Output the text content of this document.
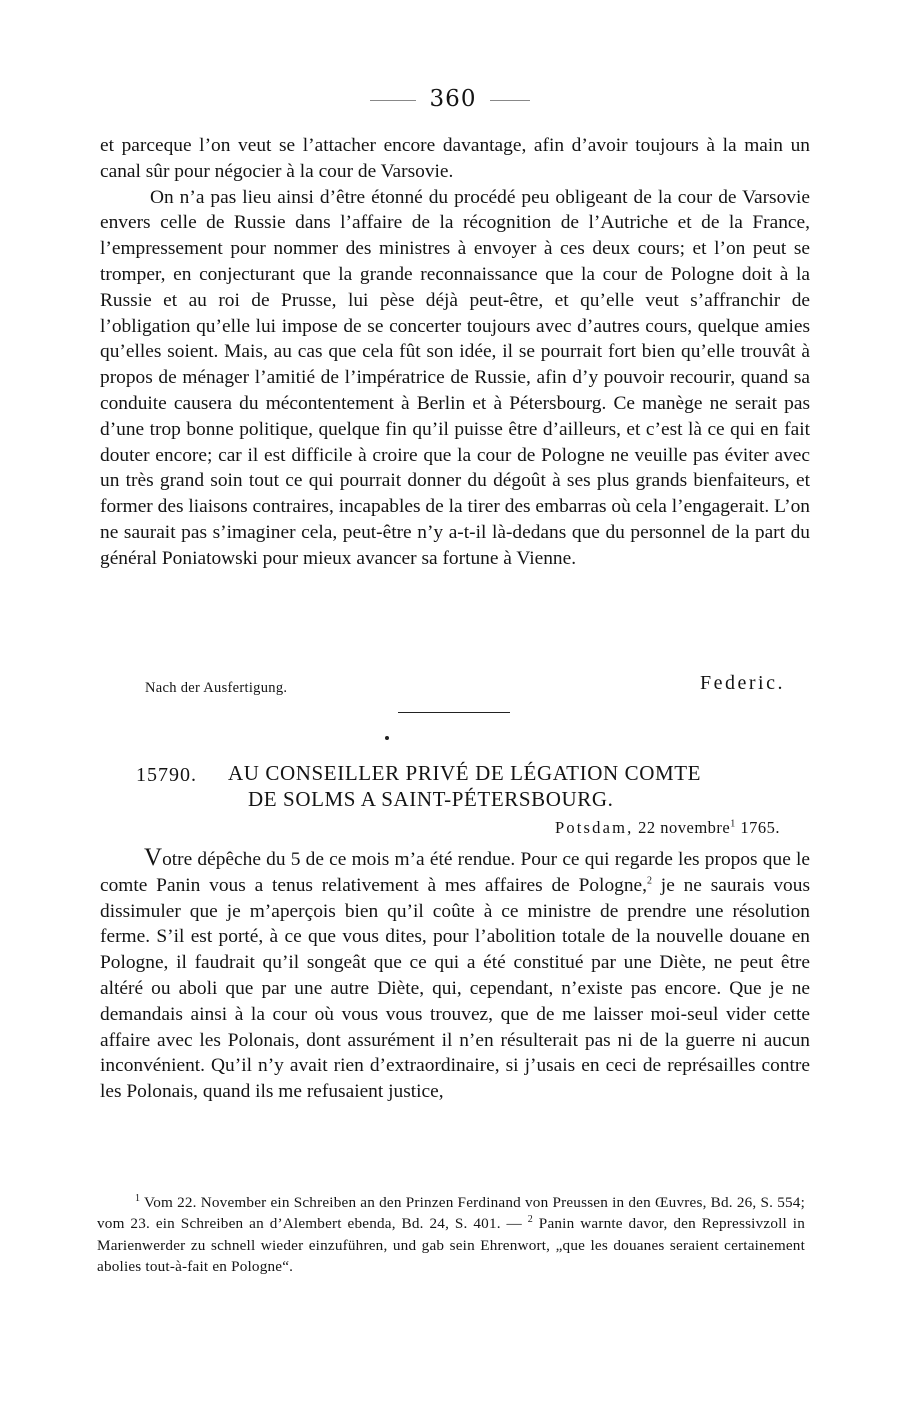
360

et parceque l’on veut se l’attacher encore davantage, afin d’avoir toujours à la main un canal sûr pour négocier à la cour de Varsovie.

On n’a pas lieu ainsi d’être étonné du procédé peu obligeant de la cour de Varsovie envers celle de Russie dans l’affaire de la récognition de l’Autriche et de la France, l’empressement pour nommer des ministres à envoyer à ces deux cours; et l’on peut se tromper, en conjecturant que la grande reconnaissance que la cour de Pologne doit à la Russie et au roi de Prusse, lui pèse déjà peut-être, et qu’elle veut s’affranchir de l’obligation qu’elle lui impose de se concerter toujours avec d’autres cours, quelque amies qu’elles soient. Mais, au cas que cela fût son idée, il se pourrait fort bien qu’elle trouvât à propos de ménager l’amitié de l’impératrice de Russie, afin d’y pouvoir recourir, quand sa conduite causera du mécontentement à Berlin et à Pétersbourg. Ce manège ne serait pas d’une trop bonne politique, quelque fin qu’il puisse être d’ailleurs, et c’est là ce qui en fait douter encore; car il est difficile à croire que la cour de Pologne ne veuille pas éviter avec un très grand soin tout ce qui pourrait donner du dégoût à ses plus grands bienfaiteurs, et former des liaisons contraires, incapables de la tirer des embarras où cela l’engagerait. L’on ne saurait pas s’imaginer cela, peut-être n’y a-t-il là-dedans que du personnel de la part du général Poniatowski pour mieux avancer sa fortune à Vienne.

Nach der Ausfertigung.	Federic.
15790. AU CONSEILLER PRIVÉ DE LÉGATION COMTE
DE SOLMS A SAINT-PÉTERSBOURG.
Potsdam, 22 novembre$^1$ 1765.

Votre dépêche du 5 de ce mois m’a été rendue. Pour ce qui regarde les propos que le comte Panin vous a tenus relativement à mes affaires de Pologne,$^2$ je ne saurais vous dissimuler que je m’aperçois bien qu’il coûte à ce ministre de prendre une résolution ferme. S’il est porté, à ce que vous dites, pour l’abolition totale de la nouvelle douane en Pologne, il faudrait qu’il songeât que ce qui a été constitué par une Diète, ne peut être altéré ou aboli que par une autre Diète, qui, cependant, n’existe pas encore. Que je ne demandais ainsi à la cour où vous vous trouvez, que de me laisser moi-seul vider cette affaire avec les Polonais, dont assurément il n’en résulterait pas ni de la guerre ni aucun inconvénient. Qu’il n’y avait rien d’extraordinaire, si j’usais en ceci de représailles contre les Polonais, quand ils me refusaient justice,

$^1$ Vom 22. November ein Schreiben an den Prinzen Ferdinand von Preussen in den Œuvres, Bd. 26, S. 554; vom 23. ein Schreiben an d’Alembert ebenda, Bd. 24, S. 401. — $^2$ Panin warnte davor, den Repressivzoll in Marienwerder zu schnell wieder einzuführen, und gab sein Ehrenwort, „que les douanes seraient certainement abolies tout-à-fait en Pologne“.
